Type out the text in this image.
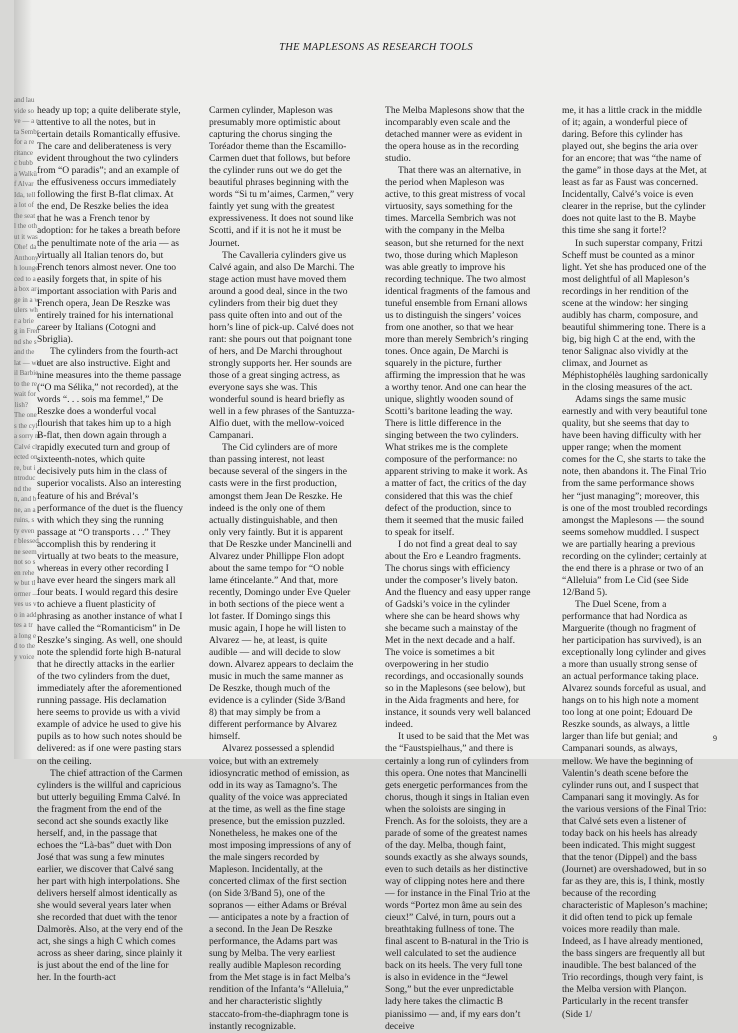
and lau
vide so
ve — a r
ta Sembr
for a re
ritance
c bubb
a Walkü
f Alvar
Ida, tell
a lot of
the seat
l the oth
ut it was
Ohe! da
Anthony
h lounge
ced to a
a box ar
ge in a w
ulers wh
r a brie
g in Fren
nd she s
and the
lat — wh
il Barbie
to the re
wait for
lish?
The one
s the cyl
a sorry m
Calvé cl
ected on
re, but i
ntroduc
nd the
n, and b
ne, an a
ruins, s
ty even
r blessed
ne seem
not so s
en rehe
w but tl
ormer —
ves us v
o in add
tes a tr
a long e
d to the
y voice
THE MAPLESONS AS RESEARCH TOOLS

heady up top; a quite deliberate style, attentive to all the notes, but in certain details Romantically effusive. The care and deliberateness is very evident throughout the two cylinders from “O paradis”; and an example of the effusiveness occurs immediately following the first B-flat climax. At the end, De Reszke belies the idea that he was a French tenor by adoption: for he takes a breath before the penultimate note of the aria — as virtually all Italian tenors do, but French tenors almost never. One too easily forgets that, in spite of his important association with Paris and French opera, Jean De Reszke was entirely trained for his international career by Italians (Cotogni and Sbriglia).

The cylinders from the fourth-act duet are also instructive. Eight and nine measures into the theme passage (“O ma Sélika,” not recorded), at the words “. . . sois ma femme!,” De Reszke does a wonderful vocal flourish that takes him up to a high B-flat, then down again through a rapidly executed turn and group of sixteenth-notes, which quite decisively puts him in the class of superior vocalists. Also an interesting feature of his and Bréval’s performance of the duet is the fluency with which they sing the running passage at “O transports . . .” They accomplish this by rendering it virtually at two beats to the measure, whereas in every other recording I have ever heard the singers mark all four beats. I would regard this desire to achieve a fluent plasticity of phrasing as another instance of what I have called the “Romanticism” in De Reszke’s singing. As well, one should note the splendid forte high B-natural that he directly attacks in the earlier of the two cylinders from the duet, immediately after the aforementioned running passage. His declamation here seems to provide us with a vivid example of advice he used to give his pupils as to how such notes should be delivered: as if one were pasting stars on the ceiling.

The chief attraction of the Carmen cylinders is the willful and capricious but utterly beguiling Emma Calvé. In the fragment from the end of the second act she sounds exactly like herself, and, in the passage that echoes the “Là-bas” duet with Don José that was sung a few minutes earlier, we discover that Calvé sang her part with high interpolations. She delivers herself almost identically as she would several years later when she recorded that duet with the tenor Dalmorès. Also, at the very end of the act, she sings a high C which comes across as sheer daring, since plainly it is just about the end of the line for her. In the fourth-act

Carmen cylinder, Mapleson was presumably more optimistic about capturing the chorus singing the Toréador theme than the Escamillo-Carmen duet that follows, but before the cylinder runs out we do get the beautiful phrases beginning with the words “Si tu m’aimes, Carmen,” very faintly yet sung with the greatest expressiveness. It does not sound like Scotti, and if it is not he it must be Journet.

The Cavalleria cylinders give us Calvé again, and also De Marchi. The stage action must have moved them around a good deal, since in the two cylinders from their big duet they pass quite often into and out of the horn’s line of pick-up. Calvé does not rant: she pours out that poignant tone of hers, and De Marchi throughout strongly supports her. Her sounds are those of a great singing actress, as everyone says she was. This wonderful sound is heard briefly as well in a few phrases of the Santuzza-Alfio duet, with the mellow-voiced Campanari.

The Cid cylinders are of more than passing interest, not least because several of the singers in the casts were in the first production, amongst them Jean De Reszke. He indeed is the only one of them actually distinguishable, and then only very faintly. But it is apparent that De Reszke under Mancinelli and Alvarez under Phillippe Flon adopt about the same tempo for “O noble lame étincelante.” And that, more recently, Domingo under Eve Queler in both sections of the piece went a lot faster. If Domingo sings this music again, I hope he will listen to Alvarez — he, at least, is quite audible — and will decide to slow down. Alvarez appears to declaim the music in much the same manner as De Reszke, though much of the evidence is a cylinder (Side 3/Band 8) that may simply be from a different performance by Alvarez himself.

Alvarez possessed a splendid voice, but with an extremely idiosyncratic method of emission, as odd in its way as Tamagno’s. The quality of the voice was appreciated at the time, as well as the fine stage presence, but the emission puzzled. Nonetheless, he makes one of the most imposing impressions of any of the male singers recorded by Mapleson. Incidentally, at the concerted climax of the first section (on Side 3/Band 5), one of the sopranos — either Adams or Bréval — anticipates a note by a fraction of a second. In the Jean De Reszke performance, the Adams part was sung by Melba. The very earliest really audible Mapleson recording from the Met stage is in fact Melba’s rendition of the Infanta’s “Alleluia,” and her characteristic slightly staccato-from-the-diaphragm tone is instantly recognizable.

The Melba Maplesons show that the incomparably even scale and the detached manner were as evident in the opera house as in the recording studio.

That there was an alternative, in the period when Mapleson was active, to this great mistress of vocal virtuosity, says something for the times. Marcella Sembrich was not with the company in the Melba season, but she returned for the next two, those during which Mapleson was able greatly to improve his recording technique. The two almost identical fragments of the famous and tuneful ensemble from Ernani allows us to distinguish the singers’ voices from one another, so that we hear more than merely Sembrich’s ringing tones. Once again, De Marchi is squarely in the picture, further affirming the impression that he was a worthy tenor. And one can hear the unique, slightly wooden sound of Scotti’s baritone leading the way. There is little difference in the singing between the two cylinders. What strikes me is the complete composure of the performance: no apparent striving to make it work. As a matter of fact, the critics of the day considered that this was the chief defect of the production, since to them it seemed that the music failed to speak for itself.

I do not find a great deal to say about the Ero e Leandro fragments. The chorus sings with efficiency under the composer’s lively baton. And the fluency and easy upper range of Gadski’s voice in the cylinder where she can be heard shows why she became such a mainstay of the Met in the next decade and a half. The voice is sometimes a bit overpowering in her studio recordings, and occasionally sounds so in the Maplesons (see below), but in the Aida fragments and here, for instance, it sounds very well balanced indeed.

It used to be said that the Met was the “Faustspielhaus,” and there is certainly a long run of cylinders from this opera. One notes that Mancinelli gets energetic performances from the chorus, though it sings in Italian even when the soloists are singing in French. As for the soloists, they are a parade of some of the greatest names of the day. Melba, though faint, sounds exactly as she always sounds, even to such details as her distinctive way of clipping notes here and there — for instance in the Final Trio at the words “Portez mon âme au sein des cieux!” Calvé, in turn, pours out a breathtaking fullness of tone. The final ascent to B-natural in the Trio is well calculated to set the audience back on its heels. The very full tone is also in evidence in the “Jewel Song,” but the ever unpredictable lady here takes the climactic B pianissimo — and, if my ears don’t deceive

me, it has a little crack in the middle of it; again, a wonderful piece of daring. Before this cylinder has played out, she begins the aria over for an encore; that was “the name of the game” in those days at the Met, at least as far as Faust was concerned. Incidentally, Calvé’s voice is even clearer in the reprise, but the cylinder does not quite last to the B. Maybe this time she sang it forte!?

In such superstar company, Fritzi Scheff must be counted as a minor light. Yet she has produced one of the most delightful of all Mapleson’s recordings in her rendition of the scene at the window: her singing audibly has charm, composure, and beautiful shimmering tone. There is a big, big high C at the end, with the tenor Salignac also vividly at the climax, and Journet as Méphistophélès laughing sardonically in the closing measures of the act.

Adams sings the same music earnestly and with very beautiful tone quality, but she seems that day to have been having difficulty with her upper range; when the moment comes for the C, she starts to take the note, then abandons it. The Final Trio from the same performance shows her “just managing”; moreover, this is one of the most troubled recordings amongst the Maplesons — the sound seems somehow muddled. I suspect we are partially hearing a previous recording on the cylinder; certainly at the end there is a phrase or two of an “Alleluia” from Le Cid (see Side 12/Band 5).

The Duel Scene, from a performance that had Nordica as Marguerite (though no fragment of her participation has survived), is an exceptionally long cylinder and gives a more than usually strong sense of an actual performance taking place. Alvarez sounds forceful as usual, and hangs on to his high note a moment too long at one point; Edouard De Reszke sounds, as always, a little larger than life but genial; and Campanari sounds, as always, mellow. We have the beginning of Valentin’s death scene before the cylinder runs out, and I suspect that Campanari sang it movingly. As for the various versions of the Final Trio: that Calvé sets even a listener of today back on his heels has already been indicated. This might suggest that the tenor (Dippel) and the bass (Journet) are overshadowed, but in so far as they are, this is, I think, mostly because of the recording characteristic of Mapleson’s machine; it did often tend to pick up female voices more readily than male. Indeed, as I have already mentioned, the bass singers are frequently all but inaudible. The best balanced of the Trio recordings, though very faint, is the Melba version with Plançon. Particularly in the recent transfer (Side 1/

9
